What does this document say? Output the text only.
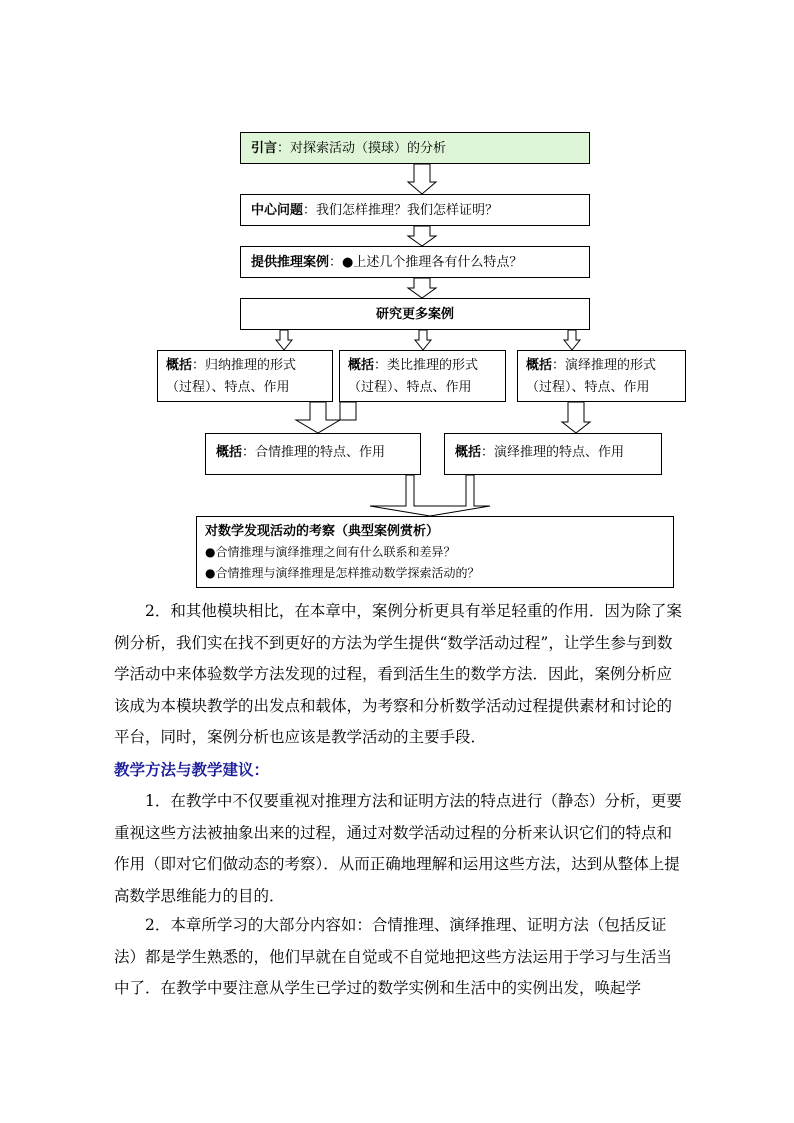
引言：对探索活动（摸球）的分析
中心问题：我们怎样推理？我们怎样证明？
提供推理案例：●上述几个推理各有什么特点？
研究更多案例
概括：归纳推理的形式
（过程）、特点、作用
概括：类比推理的形式
（过程）、特点、作用
概括：演绎推理的形式
（过程）、特点、作用
概括：合情推理的特点、作用	概括：演绎推理的特点、作用
对数学发现活动的考察（典型案例赏析）
●合情推理与演绎推理之间有什么联系和差异？
●合情推理与演绎推理是怎样推动数学探索活动的？

2．和其他模块相比，在本章中，案例分析更具有举足轻重的作用．因为除了案例分析，我们实在找不到更好的方法为学生提供“数学活动过程”，让学生参与到数学活动中来体验数学方法发现的过程，看到活生生的数学方法．因此，案例分析应该成为本模块教学的出发点和载体，为考察和分析数学活动过程提供素材和讨论的平台，同时，案例分析也应该是教学活动的主要手段．

教学方法与教学建议：

1．在教学中不仅要重视对推理方法和证明方法的特点进行（静态）分析，更要重视这些方法被抽象出来的过程，通过对数学活动过程的分析来认识它们的特点和作用（即对它们做动态的考察）．从而正确地理解和运用这些方法，达到从整体上提高数学思维能力的目的．

2．本章所学习的大部分内容如：合情推理、演绎推理、证明方法（包括反证法）都是学生熟悉的，他们早就在自觉或不自觉地把这些方法运用于学习与生活当中了．在教学中要注意从学生已学过的数学实例和生活中的实例出发，唤起学
